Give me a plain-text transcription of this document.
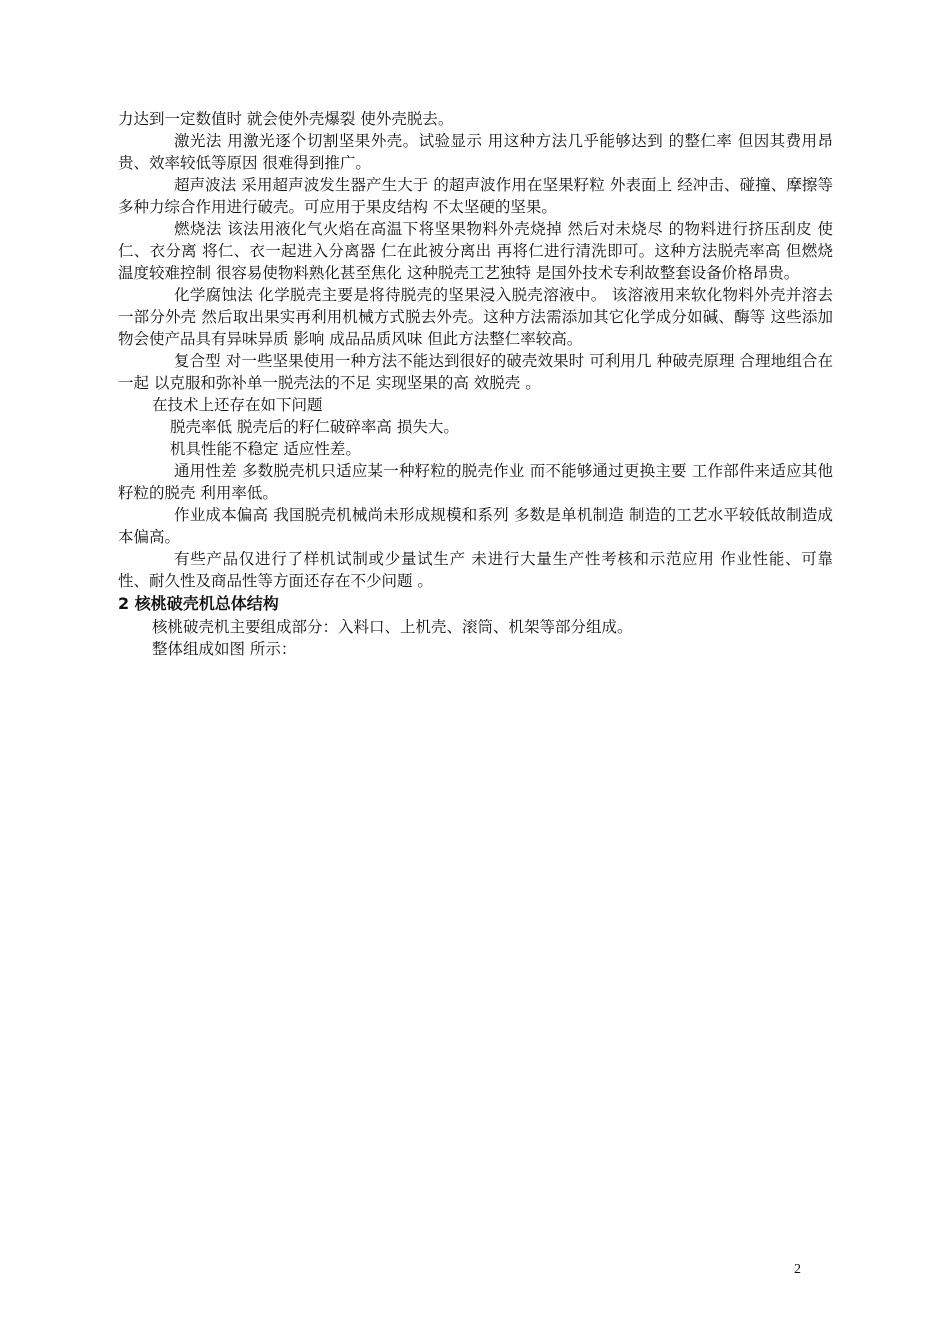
力达到一定数值时 就会使外壳爆裂 使外壳脱去。

激光法 用激光逐个切割坚果外壳。试验显示 用这种方法几乎能够达到 的整仁率 但因其费用昂贵、效率较低等原因 很难得到推广。

超声波法 采用超声波发生器产生大于 的超声波作用在坚果籽粒 外表面上 经冲击、碰撞、摩擦等多种力综合作用进行破壳。可应用于果皮结构 不太坚硬的坚果。

燃烧法 该法用液化气火焰在高温下将坚果物料外壳烧掉 然后对未烧尽 的物料进行挤压刮皮 使仁、衣分离 将仁、衣一起进入分离器 仁在此被分离出 再将仁进行清洗即可。这种方法脱壳率高 但燃烧温度较难控制 很容易使物料熟化甚至焦化 这种脱壳工艺独特 是国外技术专利故整套设备价格昂贵。

化学腐蚀法 化学脱壳主要是将待脱壳的坚果浸入脱壳溶液中。 该溶液用来软化物料外壳并溶去一部分外壳 然后取出果实再利用机械方式脱去外壳。这种方法需添加其它化学成分如碱、酶等 这些添加物会使产品具有异味异质 影响 成品品质风味 但此方法整仁率较高。

复合型 对一些坚果使用一种方法不能达到很好的破壳效果时 可利用几 种破壳原理 合理地组合在一起 以克服和弥补单一脱壳法的不足 实现坚果的高 效脱壳 。

在技术上还存在如下问题

脱壳率低 脱壳后的籽仁破碎率高 损失大。

机具性能不稳定 适应性差。

通用性差 多数脱壳机只适应某一种籽粒的脱壳作业 而不能够通过更换主要 工作部件来适应其他籽粒的脱壳 利用率低。

作业成本偏高 我国脱壳机械尚未形成规模和系列 多数是单机制造 制造的工艺水平较低故制造成本偏高。

有些产品仅进行了样机试制或少量试生产 未进行大量生产性考核和示范应用 作业性能、可靠性、耐久性及商品性等方面还存在不少问题 。

2 核桃破壳机总体结构

核桃破壳机主要组成部分：入料口、上机壳、滚筒、机架等部分组成。

整体组成如图 所示：

2
